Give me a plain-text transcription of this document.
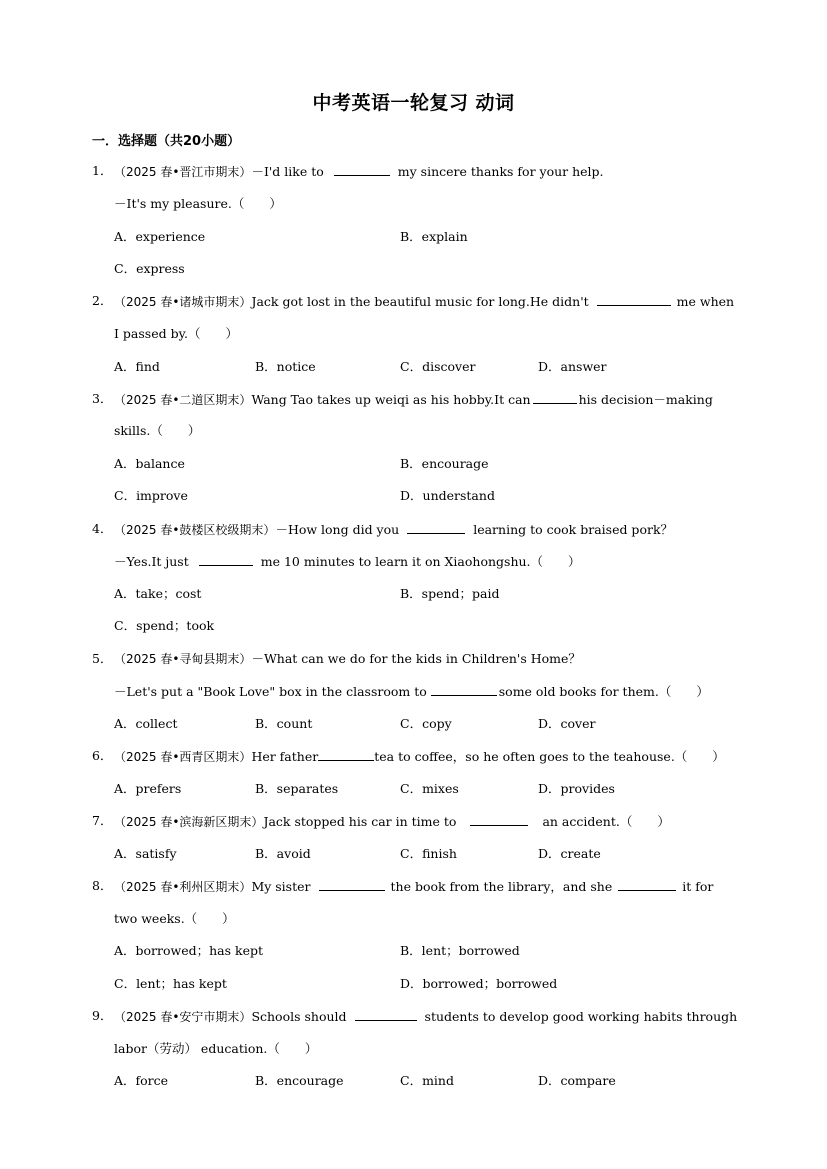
中考英语一轮复习 动词
一．选择题（共20小题）
1． （2025 春•晋江市期末）－I'd like to	my sincere thanks for your help.
－It's my pleasure.（　　）
A．experience	B．explain
C．express
2． （2025 春•诸城市期末）Jack got lost in the beautiful music for long.He didn't	me when
I passed by.（　　）
A．find	B．notice	C．discover	D．answer
3． （2025 春•二道区期末）Wang Tao takes up weiqi as his hobby.It can	his decision－making
skills.（　　）
A．balance	B．encourage
C．improve	D．understand
4． （2025 春•鼓楼区校级期末）－How long did you	learning to cook braised pork？
－Yes.It just	me 10 minutes to learn it on Xiaohongshu.（　　）
A．take；cost	B．spend；paid
C．spend；took
5． （2025 春•寻甸县期末）－What can we do for the kids in Children's Home？
－Let's put a "Book Love" box in the classroom to	some old books for them.（　　）
A．collect	B．count	C．copy	D．cover
6． （2025 春•西青区期末）Her father	tea to coffee，so he often goes to the teahouse.（　　）
A．prefers	B．separates	C．mixes	D．provides
7． （2025 春•滨海新区期末）Jack stopped his car in time to	an accident.（　　）
A．satisfy	B．avoid	C．finish	D．create
8． （2025 春•利州区期末）My sister	the book from the library，and she	it for
two weeks.（　　）
A．borrowed；has kept	B．lent；borrowed
C．lent；has kept	D．borrowed；borrowed
9． （2025 春•安宁市期末）Schools should	students to develop good working habits through
labor（劳动） education.（　　）
A．force	B．encourage	C．mind	D．compare
